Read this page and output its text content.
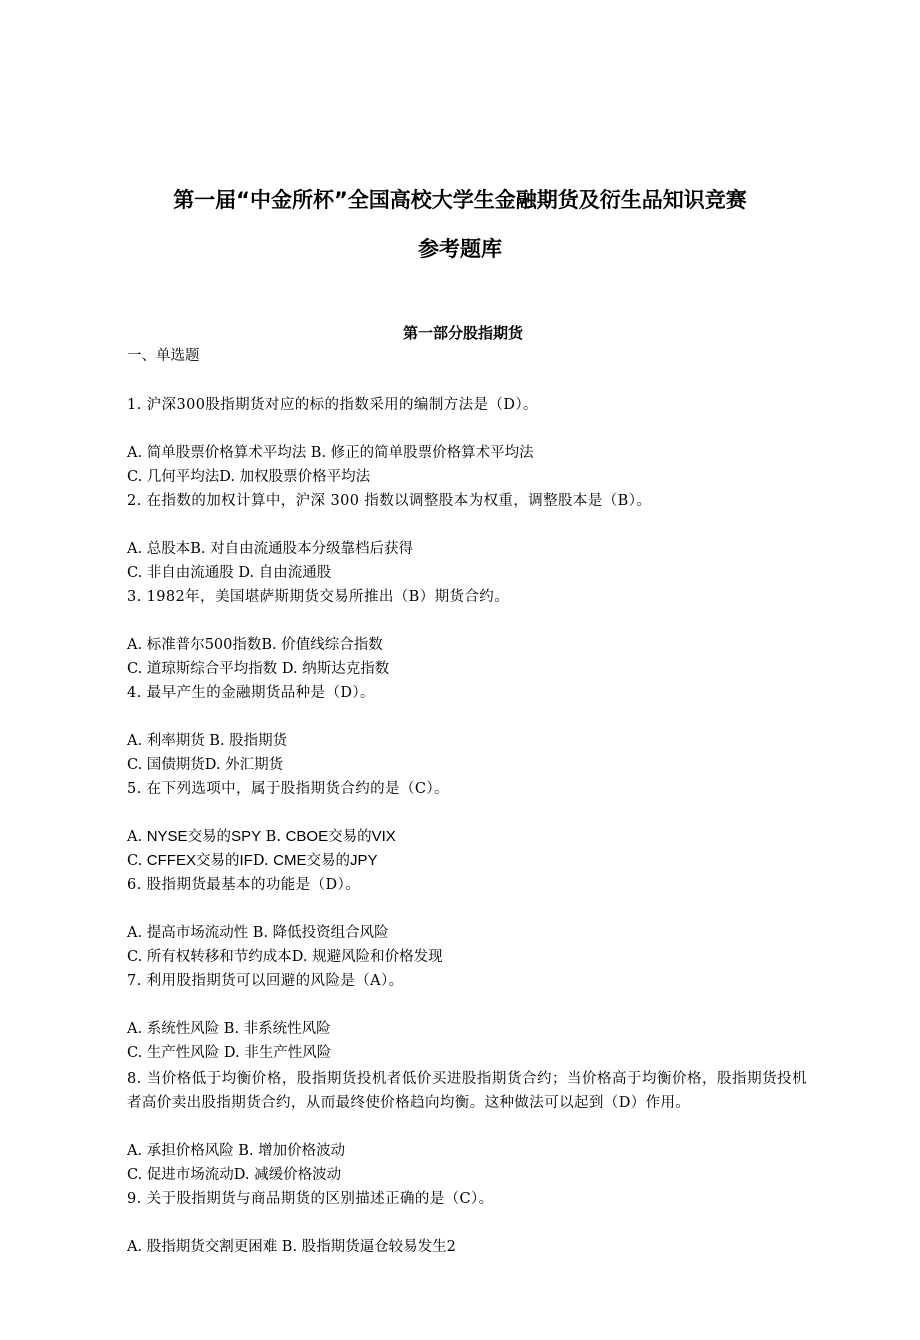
第一届“中金所杯”全国高校大学生金融期货及衍生品知识竞赛
参考题库
第一部分股指期货
一、单选题
1. 沪深300股指期货对应的标的指数采用的编制方法是（D）。
A. 简单股票价格算术平均法 B. 修正的简单股票价格算术平均法
C. 几何平均法D. 加权股票价格平均法
2. 在指数的加权计算中，沪深 300 指数以调整股本为权重，调整股本是（B）。
A. 总股本B. 对自由流通股本分级靠档后获得
C. 非自由流通股 D. 自由流通股
3. 1982年，美国堪萨斯期货交易所推出（B）期货合约。
A. 标准普尔500指数B. 价值线综合指数
C. 道琼斯综合平均指数 D. 纳斯达克指数
4. 最早产生的金融期货品种是（D）。
A. 利率期货 B. 股指期货
C. 国债期货D. 外汇期货
5. 在下列选项中，属于股指期货合约的是（C）。
A. NYSE交易的SPY B. CBOE交易的VIX
C. CFFEX交易的IFD. CME交易的JPY
6. 股指期货最基本的功能是（D）。
A. 提高市场流动性 B. 降低投资组合风险
C. 所有权转移和节约成本D. 规避风险和价格发现
7. 利用股指期货可以回避的风险是（A）。
A. 系统性风险 B. 非系统性风险
C. 生产性风险 D. 非生产性风险
8. 当价格低于均衡价格，股指期货投机者低价买进股指期货合约；当价格高于均衡价格，股指期货投机者高价卖出股指期货合约，从而最终使价格趋向均衡。这种做法可以起到（D）作用。
A. 承担价格风险 B. 增加价格波动
C. 促进市场流动D. 减缓价格波动
9. 关于股指期货与商品期货的区别描述正确的是（C）。
A. 股指期货交割更困难 B. 股指期货逼仓较易发生2
